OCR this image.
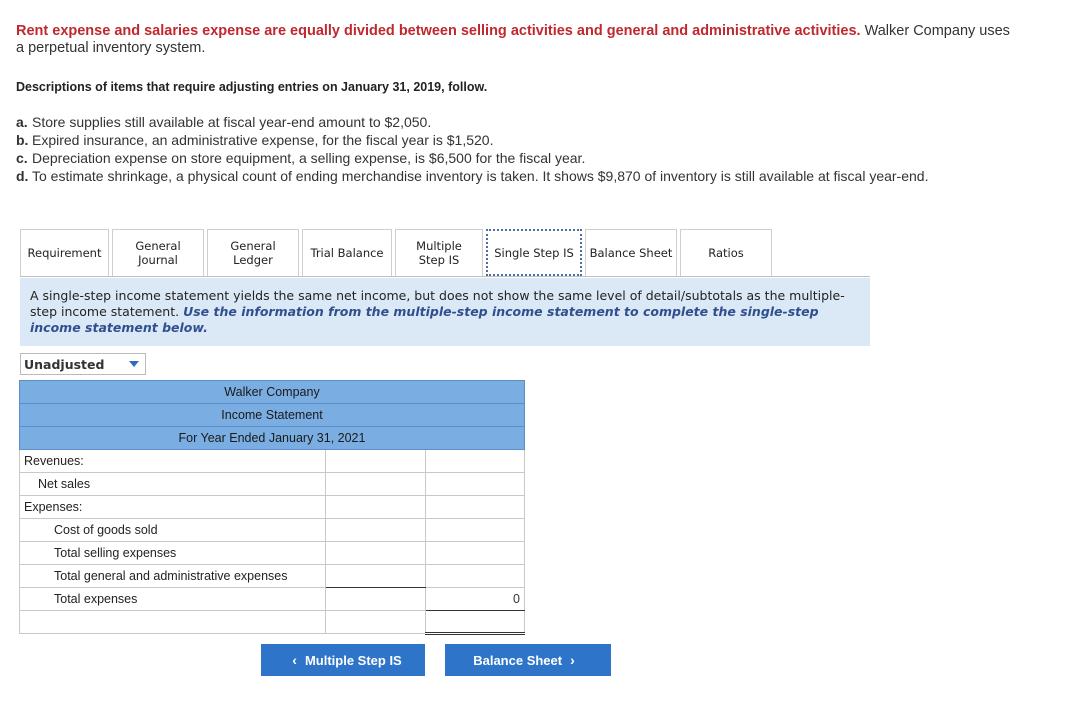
Rent expense and salaries expense are equally divided between selling activities and general and administrative activities. Walker Company uses a perpetual inventory system.
Descriptions of items that require adjusting entries on January 31, 2019, follow.
a. Store supplies still available at fiscal year-end amount to $2,050.
b. Expired insurance, an administrative expense, for the fiscal year is $1,520.
c. Depreciation expense on store equipment, a selling expense, is $6,500 for the fiscal year.
d. To estimate shrinkage, a physical count of ending merchandise inventory is taken. It shows $9,870 of inventory is still available at fiscal year-end.
Requirement	General Journal
General Ledger	Trial Balance	Multiple Step IS
Single Step IS	Balance Sheet	Ratios
A single-step income statement yields the same net income, but does not show the same level of detail/subtotals as the multiple-step income statement. Use the information from the multiple-step income statement to complete the single-step income statement below.
Unadjusted
Walker Company		
Income Statement		
For Year Ended January 31, 2021		
Revenues:		
Net sales		
Expenses:		
Cost of goods sold		
Total selling expenses		
Total general and administrative expenses		
Total expenses		0

‹ Multiple Step IS	Balance Sheet ›
